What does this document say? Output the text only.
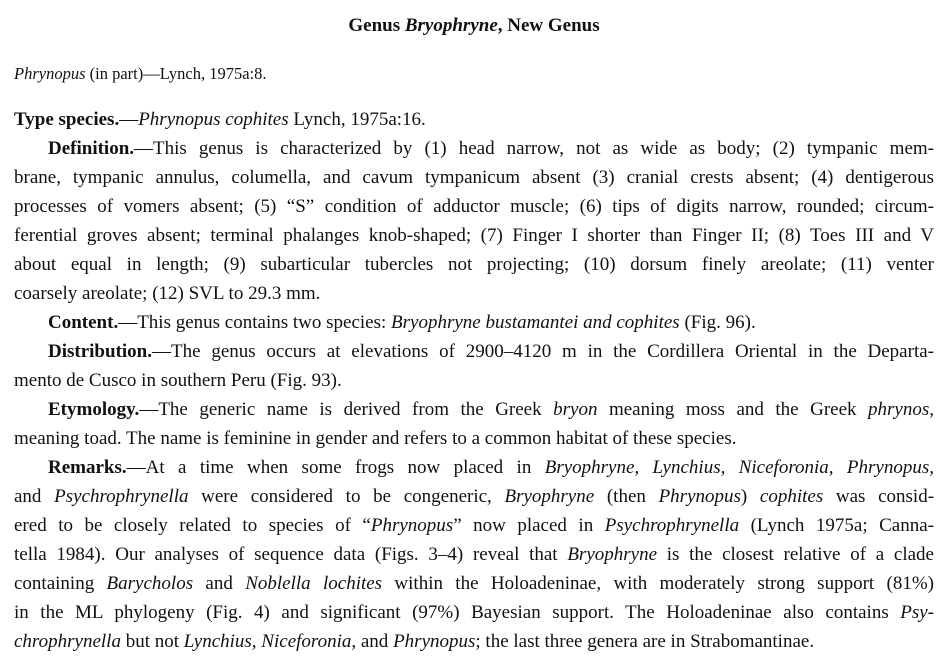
Genus Bryophryne, New Genus
Phrynopus (in part)—Lynch, 1975a:8.
Type species.—Phrynopus cophites Lynch, 1975a:16.
Definition.—This genus is characterized by (1) head narrow, not as wide as body; (2) tympanic mem-
brane, tympanic annulus, columella, and cavum tympanicum absent (3) cranial crests absent; (4) dentigerous
processes of vomers absent; (5) “S” condition of adductor muscle; (6) tips of digits narrow, rounded; circum-
ferential groves absent; terminal phalanges knob-shaped; (7) Finger I shorter than Finger II; (8) Toes III and V
about equal in length; (9) subarticular tubercles not projecting; (10) dorsum finely areolate; (11) venter
coarsely areolate; (12) SVL to 29.3 mm.
Content.—This genus contains two species: Bryophryne bustamantei and cophites (Fig. 96).
Distribution.—The genus occurs at elevations of 2900–4120 m in the Cordillera Oriental in the Departa-
mento de Cusco in southern Peru (Fig. 93).
Etymology.—The generic name is derived from the Greek bryon meaning moss and the Greek phrynos,
meaning toad. The name is feminine in gender and refers to a common habitat of these species.
Remarks.—At a time when some frogs now placed in Bryophryne, Lynchius, Niceforonia, Phrynopus,
and Psychrophrynella were considered to be congeneric, Bryophryne (then Phrynopus) cophites was consid-
ered to be closely related to species of “Phrynopus” now placed in Psychrophrynella (Lynch 1975a; Canna-
tella 1984). Our analyses of sequence data (Figs. 3–4) reveal that Bryophryne is the closest relative of a clade
containing Barycholos and Noblella lochites within the Holoadeninae, with moderately strong support (81%)
in the ML phylogeny (Fig. 4) and significant (97%) Bayesian support. The Holoadeninae also contains Psy-
chrophrynella but not Lynchius, Niceforonia, and Phrynopus; the last three genera are in Strabomantinae.
